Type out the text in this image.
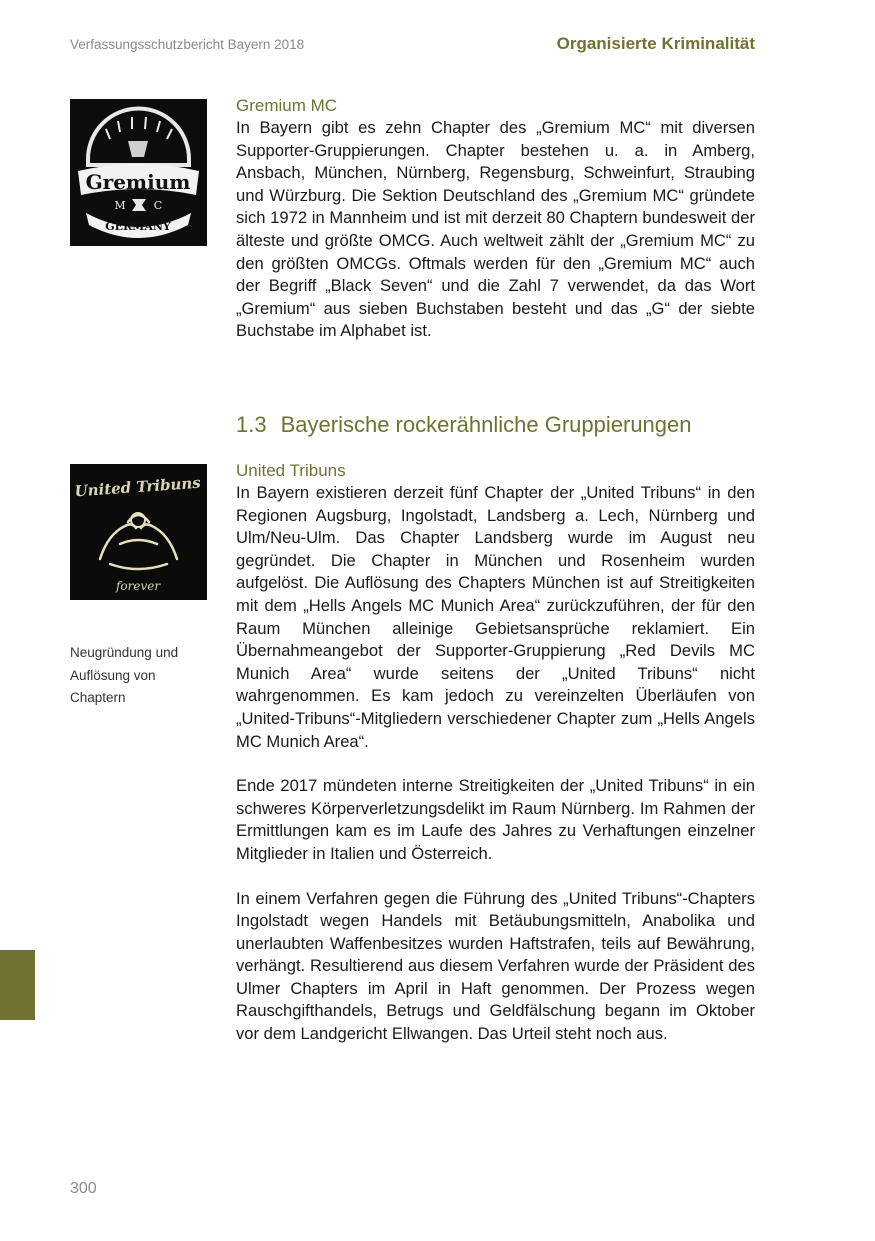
Verfassungsschutzbericht Bayern 2018	Organisierte Kriminalität
Gremium
M	C
GERMANY

Gremium MC

In Bayern gibt es zehn Chapter des „Gremium MC“ mit diversen Supporter-Gruppierungen. Chapter bestehen u. a. in Amberg, Ansbach, München, Nürnberg, Regensburg, Schweinfurt, Straubing und Würzburg. Die Sektion Deutschland des „Gremium MC“ gründete sich 1972 in Mannheim und ist mit derzeit 80 Chaptern bundesweit der älteste und größte OMCG. Auch weltweit zählt der „Gremium MC“ zu den größten OMCGs. Oftmals werden für den „Gremium MC“ auch der Begriff „Black Seven“ und die Zahl 7 verwendet, da das Wort „Gremium“ aus sieben Buchstaben besteht und das „G“ der siebte Buchstabe im Alphabet ist.

1.3 Bayerische rockerähnliche Gruppierungen
United Tribuns
forever
Neugründung und Auflösung von Chaptern

United Tribuns

In Bayern existieren derzeit fünf Chapter der „United Tribuns“ in den Regionen Augsburg, Ingolstadt, Landsberg a. Lech, Nürnberg und Ulm/Neu-Ulm. Das Chapter Landsberg wurde im August neu gegründet. Die Chapter in München und Rosenheim wurden aufgelöst. Die Auflösung des Chapters München ist auf Streitigkeiten mit dem „Hells Angels MC Munich Area“ zurückzuführen, der für den Raum München alleinige Gebietsansprüche reklamiert. Ein Übernahmeangebot der Supporter-Gruppierung „Red Devils MC Munich Area“ wurde seitens der „United Tribuns“ nicht wahrgenommen. Es kam jedoch zu vereinzelten Überläufen von „United-Tribuns“-Mitgliedern verschiedener Chapter zum „Hells Angels MC Munich Area“.

Ende 2017 mündeten interne Streitigkeiten der „United Tribuns“ in ein schweres Körperverletzungsdelikt im Raum Nürnberg. Im Rahmen der Ermittlungen kam es im Laufe des Jahres zu Verhaftungen einzelner Mitglieder in Italien und Österreich.

In einem Verfahren gegen die Führung des „United Tribuns“-Chapters Ingolstadt wegen Handels mit Betäubungsmitteln, Anabolika und unerlaubten Waffenbesitzes wurden Haftstrafen, teils auf Bewährung, verhängt. Resultierend aus diesem Verfahren wurde der Präsident des Ulmer Chapters im April in Haft genommen. Der Prozess wegen Rauschgifthandels, Betrugs und Geldfälschung begann im Oktober vor dem Landgericht Ellwangen. Das Urteil steht noch aus.

300
